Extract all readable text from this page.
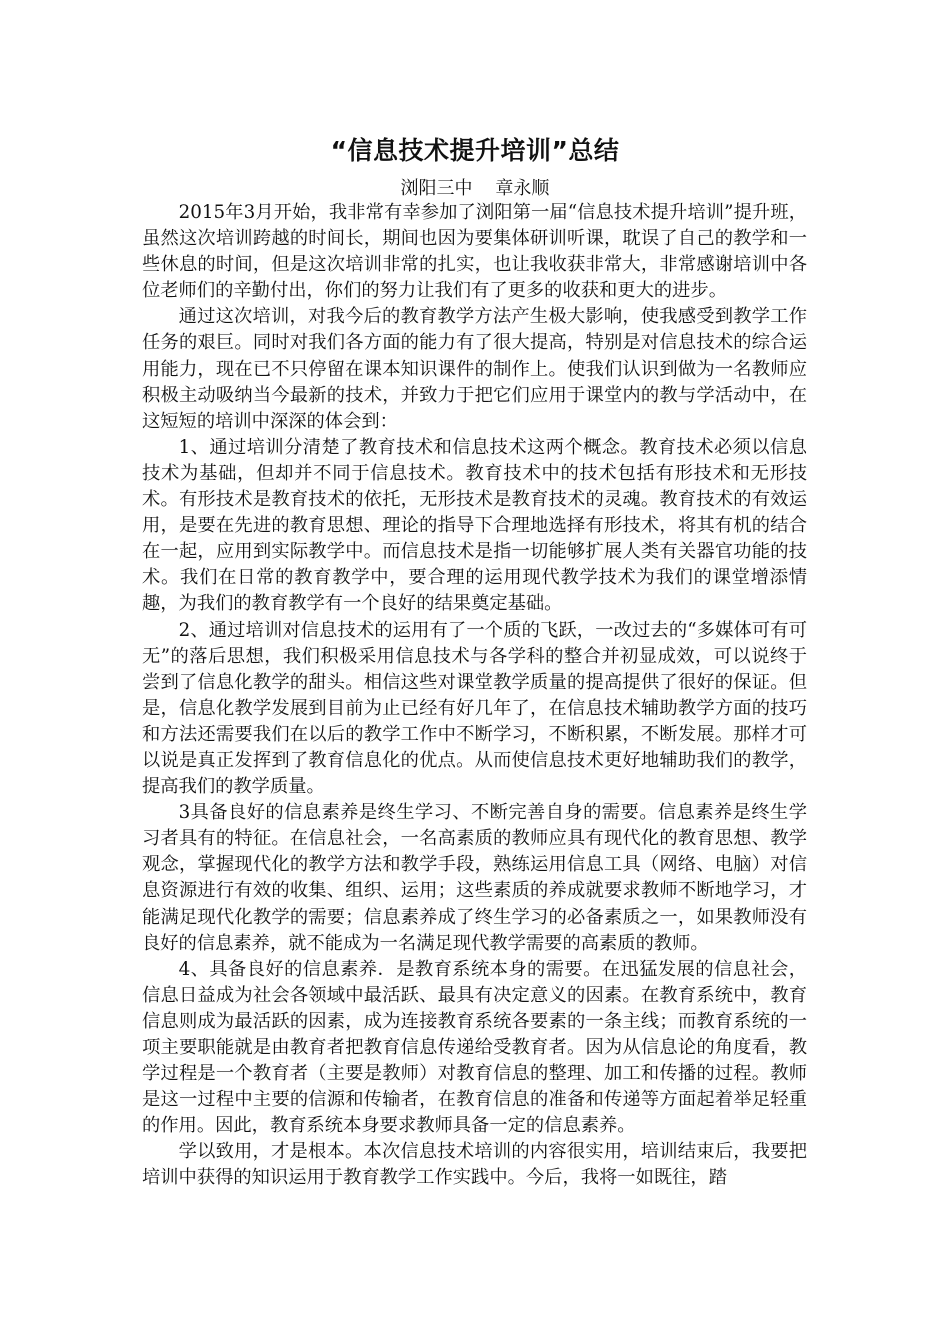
“信息技术提升培训”总结
浏阳三中    章永顺

2015年3月开始，我非常有幸参加了浏阳第一届“信息技术提升培训”提升班，虽然这次培训跨越的时间长，期间也因为要集体研训听课，耽误了自己的教学和一些休息的时间，但是这次培训非常的扎实，也让我收获非常大，非常感谢培训中各位老师们的辛勤付出，你们的努力让我们有了更多的收获和更大的进步。

通过这次培训，对我今后的教育教学方法产生极大影响，使我感受到教学工作任务的艰巨。同时对我们各方面的能力有了很大提高，特别是对信息技术的综合运用能力，现在已不只停留在课本知识课件的制作上。使我们认识到做为一名教师应积极主动吸纳当今最新的技术，并致力于把它们应用于课堂内的教与学活动中，在这短短的培训中深深的体会到：

1、通过培训分清楚了教育技术和信息技术这两个概念。教育技术必须以信息技术为基础，但却并不同于信息技术。教育技术中的技术包括有形技术和无形技术。有形技术是教育技术的依托，无形技术是教育技术的灵魂。教育技术的有效运用，是要在先进的教育思想、理论的指导下合理地选择有形技术，将其有机的结合在一起，应用到实际教学中。而信息技术是指一切能够扩展人类有关器官功能的技术。我们在日常的教育教学中，要合理的运用现代教学技术为我们的课堂增添情趣，为我们的教育教学有一个良好的结果奠定基础。

2、通过培训对信息技术的运用有了一个质的飞跃，一改过去的“多媒体可有可无”的落后思想，我们积极采用信息技术与各学科的整合并初显成效，可以说终于尝到了信息化教学的甜头。相信这些对课堂教学质量的提高提供了很好的保证。但是，信息化教学发展到目前为止已经有好几年了，在信息技术辅助教学方面的技巧和方法还需要我们在以后的教学工作中不断学习，不断积累，不断发展。那样才可以说是真正发挥到了教育信息化的优点。从而使信息技术更好地辅助我们的教学，提高我们的教学质量。

3具备良好的信息素养是终生学习、不断完善自身的需要。信息素养是终生学习者具有的特征。在信息社会，一名高素质的教师应具有现代化的教育思想、教学观念，掌握现代化的教学方法和教学手段，熟练运用信息工具（网络、电脑）对信息资源进行有效的收集、组织、运用；这些素质的养成就要求教师不断地学习，才能满足现代化教学的需要；信息素养成了终生学习的必备素质之一，如果教师没有良好的信息素养，就不能成为一名满足现代教学需要的高素质的教师。

4、具备良好的信息素养．是教育系统本身的需要。在迅猛发展的信息社会，信息日益成为社会各领域中最活跃、最具有决定意义的因素。在教育系统中，教育信息则成为最活跃的因素，成为连接教育系统各要素的一条主线；而教育系统的一项主要职能就是由教育者把教育信息传递给受教育者。因为从信息论的角度看，教学过程是一个教育者（主要是教师）对教育信息的整理、加工和传播的过程。教师是这一过程中主要的信源和传输者，在教育信息的准备和传递等方面起着举足轻重的作用。因此，教育系统本身要求教师具备一定的信息素养。

学以致用，才是根本。本次信息技术培训的内容很实用，培训结束后，我要把培训中获得的知识运用于教育教学工作实践中。今后，我将一如既往，踏
